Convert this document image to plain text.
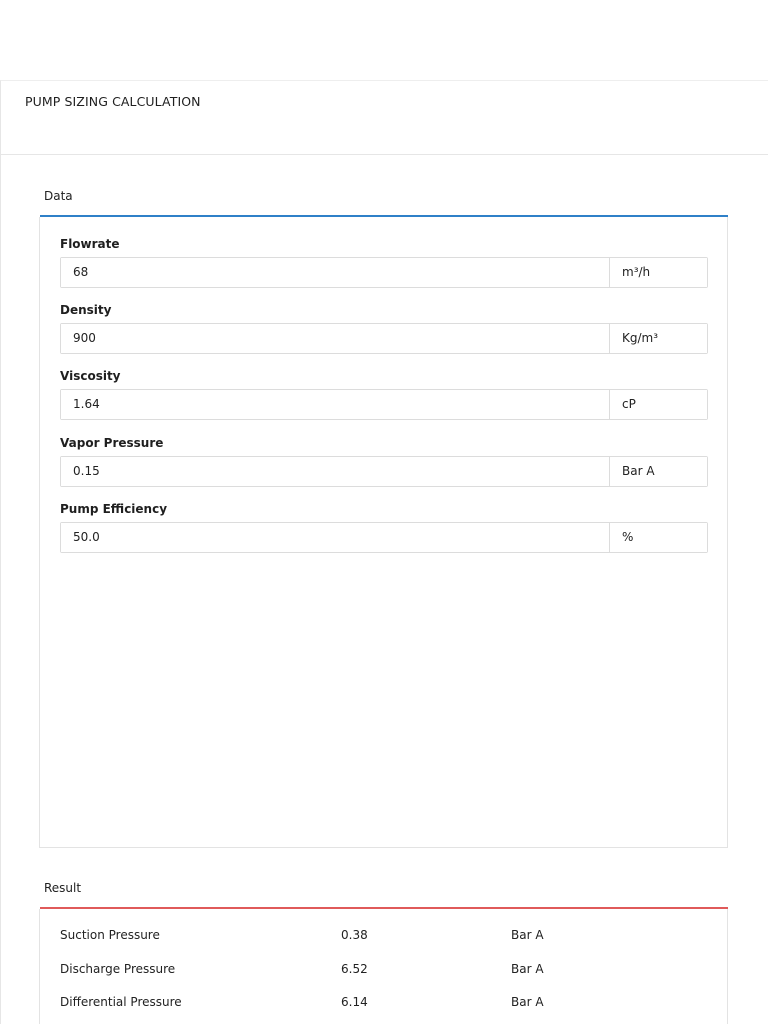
PUMP SIZING CALCULATION
Data
Flowrate
68	m³/h
Density
900	Kg/m³
Viscosity
1.64	cP
Vapor Pressure
0.15	Bar A
Pump Efficiency
50.0	%
Result
Suction Pressure	0.38	Bar A
Discharge Pressure	6.52	Bar A
Differential Pressure	6.14	Bar A
